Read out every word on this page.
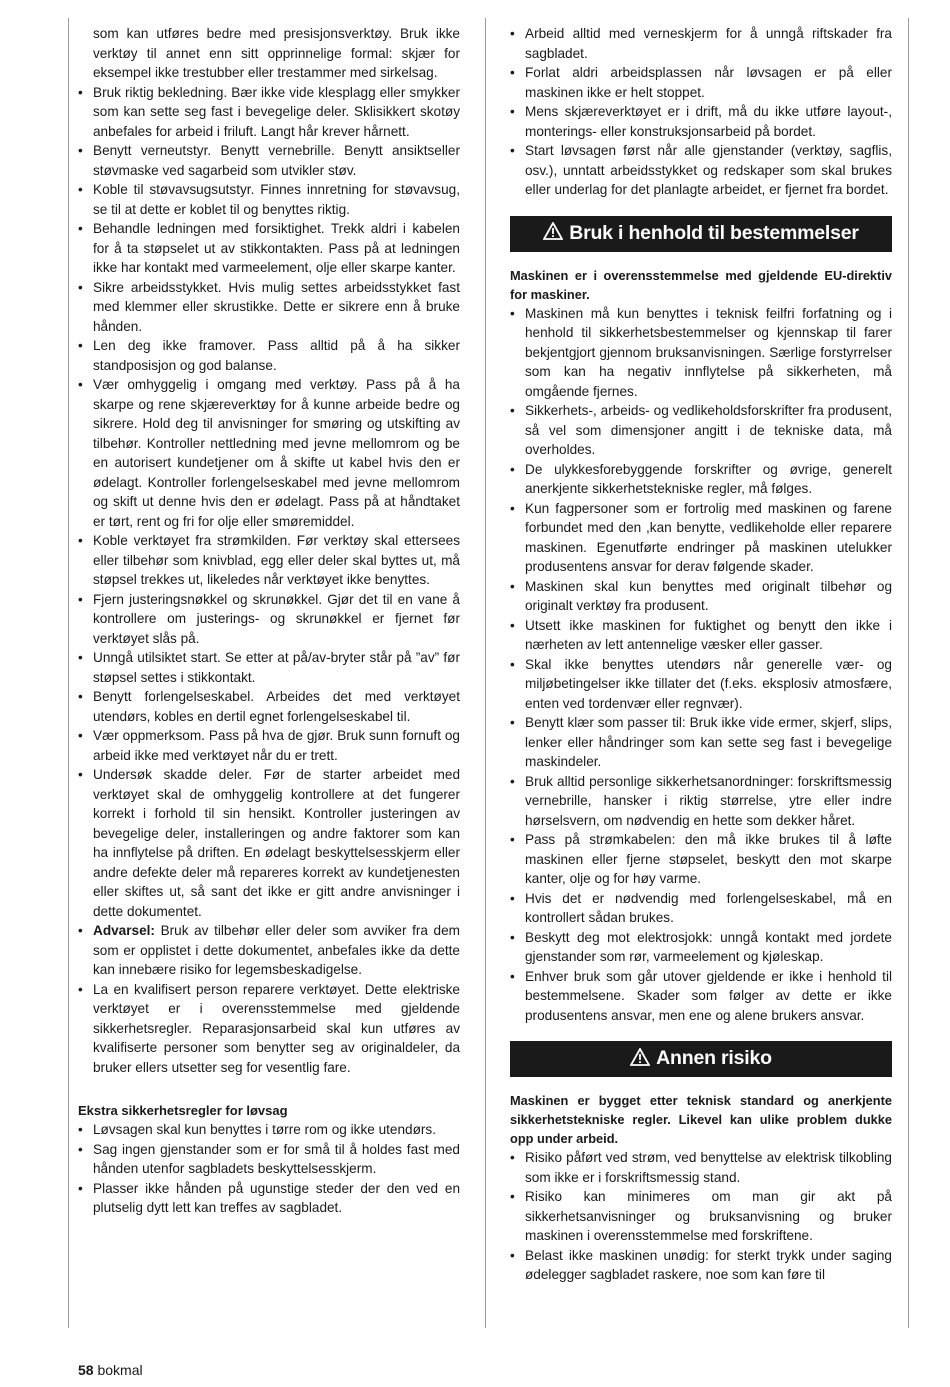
som kan utføres bedre med presisjonsverktøy. Bruk ikke verktøy til annet enn sitt opprinnelige formal: skjær for eksempel ikke trestubber eller trestammer med sirkelsag.
• Bruk riktig bekledning. Bær ikke vide klesplagg eller smykker som kan sette seg fast i bevegelige deler. Sklisikkert skotøy anbefales for arbeid i friluft. Langt hår krever hårnett.
• Benytt verneutstyr. Benytt vernebrille. Benytt ansiktseller støvmaske ved sagarbeid som utvikler støv.
• Koble til støvavsugsutstyr. Finnes innretning for støvavsug, se til at dette er koblet til og benyttes riktig.
• Behandle ledningen med forsiktighet. Trekk aldri i kabelen for å ta støpselet ut av stikkontakten. Pass på at ledningen ikke har kontakt med varmeelement, olje eller skarpe kanter.
• Sikre arbeidsstykket. Hvis mulig settes arbeidsstykket fast med klemmer eller skrustikke. Dette er sikrere enn å bruke hånden.
• Len deg ikke framover. Pass alltid på å ha sikker standposisjon og god balanse.
• Vær omhyggelig i omgang med verktøy. Pass på å ha skarpe og rene skjæreverktøy for å kunne arbeide bedre og sikrere. Hold deg til anvisninger for smøring og utskifting av tilbehør. Kontroller nettledning med jevne mellomrom og be en autorisert kundetjener om å skifte ut kabel hvis den er ødelagt. Kontroller forlengelseskabel med jevne mellomrom og skift ut denne hvis den er ødelagt. Pass på at håndtaket er tørt, rent og fri for olje eller smøremiddel.
• Koble verktøyet fra strømkilden. Før verktøy skal ettersees eller tilbehør som knivblad, egg eller deler skal byttes ut, må støpsel trekkes ut, likeledes når verktøyet ikke benyttes.
• Fjern justeringsnøkkel og skrunøkkel. Gjør det til en vane å kontrollere om justerings- og skrunøkkel er fjernet før verktøyet slås på.
• Unngå utilsiktet start. Se etter at på/av-bryter står på ”av” før støpsel settes i stikkontakt.
• Benytt forlengelseskabel. Arbeides det med verktøyet utendørs, kobles en dertil egnet forlengelseskabel til.
• Vær oppmerksom. Pass på hva de gjør. Bruk sunn fornuft og arbeid ikke med verktøyet når du er trett.
• Undersøk skadde deler. Før de starter arbeidet med verktøyet skal de omhyggelig kontrollere at det fungerer korrekt i forhold til sin hensikt. Kontroller justeringen av bevegelige deler, installeringen og andre faktorer som kan ha innflytelse på driften. En ødelagt beskyttelsesskjerm eller andre defekte deler må repareres korrekt av kundetjenesten eller skiftes ut, så sant det ikke er gitt andre anvisninger i dette dokumentet.
• Advarsel: Bruk av tilbehør eller deler som avviker fra dem som er opplistet i dette dokumentet, anbefales ikke da dette kan innebære risiko for legemsbeskadigelse.
• La en kvalifisert person reparere verktøyet. Dette elektriske verktøyet er i overensstemmelse med gjeldende sikkerhetsregler. Reparasjonsarbeid skal kun utføres av kvalifiserte personer som benytter seg av originaldeler, da bruker ellers utsetter seg for vesentlig fare.

Ekstra sikkerhetsregler for løvsag

• Løvsagen skal kun benyttes i tørre rom og ikke utendørs.
• Sag ingen gjenstander som er for små til å holdes fast med hånden utenfor sagbladets beskyttelsesskjerm.
• Plasser ikke hånden på ugunstige steder der den ved en plutselig dytt lett kan treffes av sagbladet.
• Arbeid alltid med verneskjerm for å unngå riftskader fra sagbladet.
• Forlat aldri arbeidsplassen når løvsagen er på eller maskinen ikke er helt stoppet.
• Mens skjæreverktøyet er i drift, må du ikke utføre layout-, monterings- eller konstruksjonsarbeid på bordet.
• Start løvsagen først når alle gjenstander (verktøy, sagflis, osv.), unntatt arbeidsstykket og redskaper som skal brukes eller underlag for det planlagte arbeidet, er fjernet fra bordet.
Bruk i henhold til bestemmelser

Maskinen er i overensstemmelse med gjeldende EU-direktiv for maskiner.

• Maskinen må kun benyttes i teknisk feilfri forfatning og i henhold til sikkerhetsbestemmelser og kjennskap til farer bekjentgjort gjennom bruksanvisningen. Særlige forstyrrelser som kan ha negativ innflytelse på sikkerheten, må omgående fjernes.
• Sikkerhets-, arbeids- og vedlikeholdsforskrifter fra produsent, så vel som dimensjoner angitt i de tekniske data, må overholdes.
• De ulykkesforebyggende forskrifter og øvrige, generelt anerkjente sikkerhetstekniske regler, må følges.
• Kun fagpersoner som er fortrolig med maskinen og farene forbundet med den ,kan benytte, vedlikeholde eller reparere maskinen. Egenutførte endringer på maskinen utelukker produsentens ansvar for derav følgende skader.
• Maskinen skal kun benyttes med originalt tilbehør og originalt verktøy fra produsent.
• Utsett ikke maskinen for fuktighet og benytt den ikke i nærheten av lett antennelige væsker eller gasser.
• Skal ikke benyttes utendørs når generelle vær- og miljøbetingelser ikke tillater det (f.eks. eksplosiv atmosfære, enten ved tordenvær eller regnvær).
• Benytt klær som passer til: Bruk ikke vide ermer, skjerf, slips, lenker eller håndringer som kan sette seg fast i bevegelige maskindeler.
• Bruk alltid personlige sikkerhetsanordninger: forskriftsmessig vernebrille, hansker i riktig størrelse, ytre eller indre hørselsvern, om nødvendig en hette som dekker håret.
• Pass på strømkabelen: den må ikke brukes til å løfte maskinen eller fjerne støpselet, beskytt den mot skarpe kanter, olje og for høy varme.
• Hvis det er nødvendig med forlengelseskabel, må en kontrollert sådan brukes.
• Beskytt deg mot elektrosjokk: unngå kontakt med jordete gjenstander som rør, varmeelement og kjøleskap.
• Enhver bruk som går utover gjeldende er ikke i henhold til bestemmelsene. Skader som følger av dette er ikke produsentens ansvar, men ene og alene brukers ansvar.
Annen risiko

Maskinen er bygget etter teknisk standard og anerkjente sikkerhetstekniske regler. Likevel kan ulike problem dukke opp under arbeid.

• Risiko påført ved strøm, ved benyttelse av elektrisk tilkobling som ikke er i forskriftsmessig stand.
• Risiko kan minimeres om man gir akt på sikkerhetsanvisninger og bruksanvisning og bruker maskinen i overensstemmelse med forskriftene.
• Belast ikke maskinen unødig: for sterkt trykk under saging ødelegger sagbladet raskere, noe som kan føre til
58 bokmal
